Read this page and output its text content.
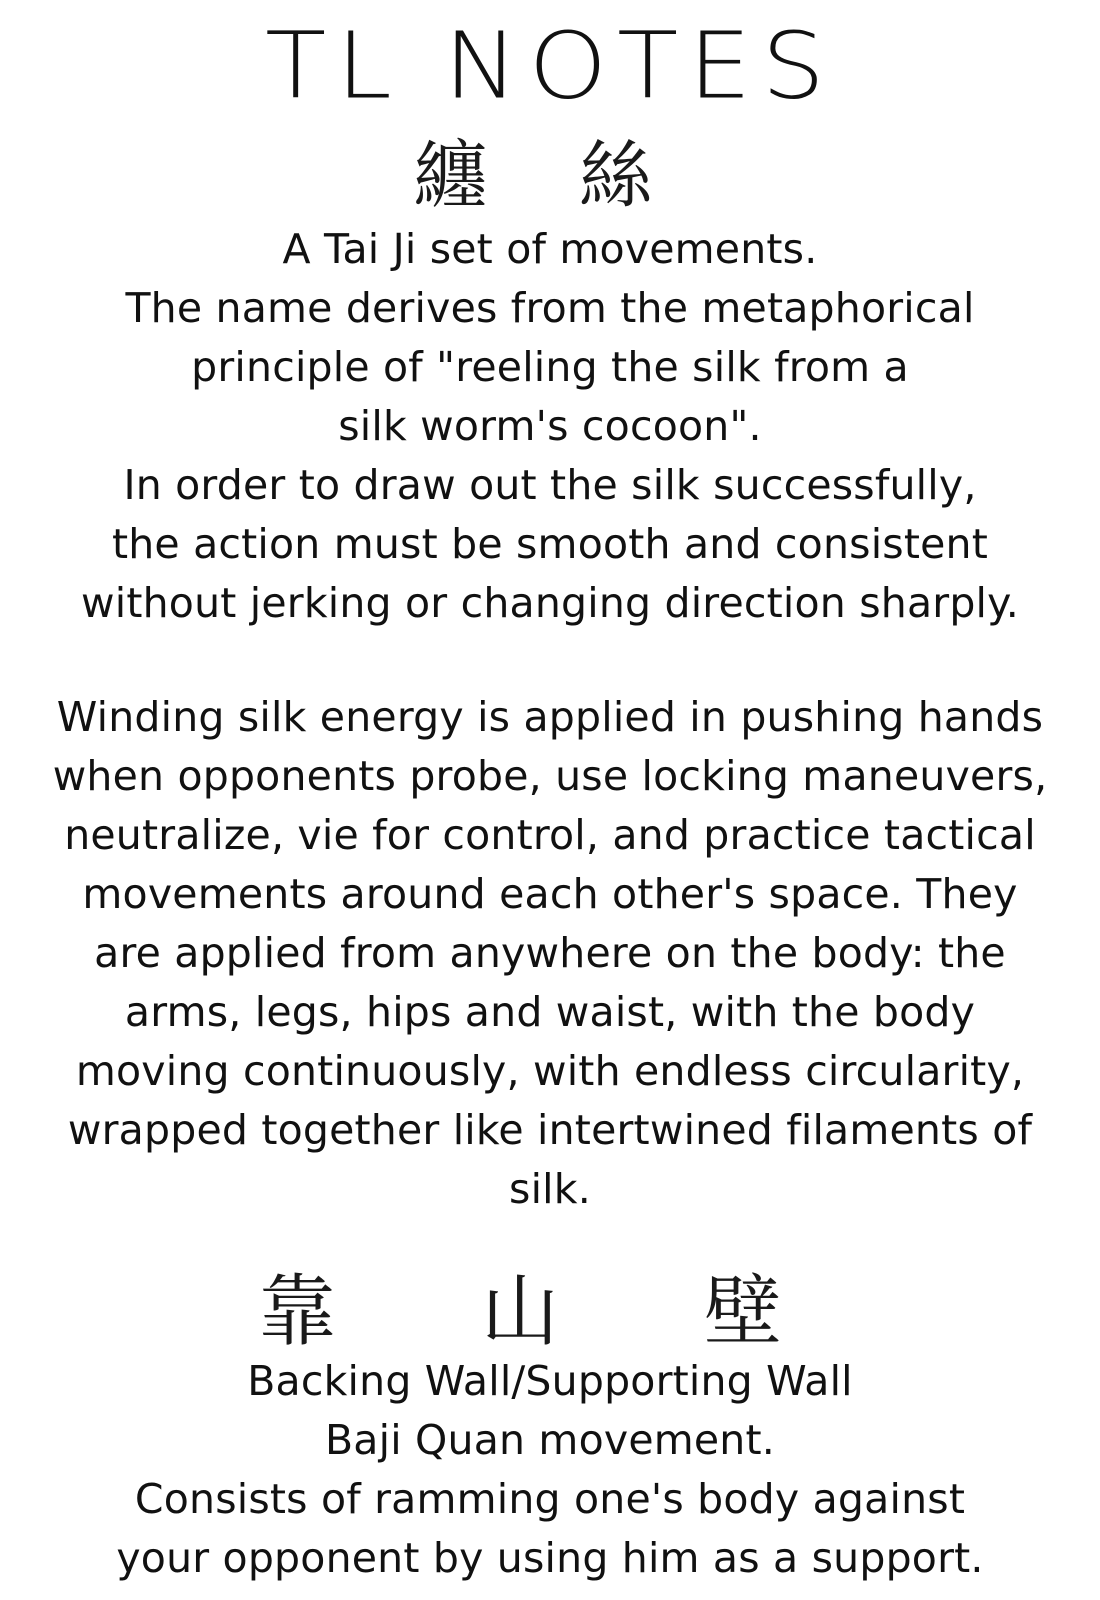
TL NOTES
纏 絲
A Tai Ji set of movements.
The name derives from the metaphorical
principle of "reeling the silk from a
silk worm's cocoon".
In order to draw out the silk successfully,
the action must be smooth and consistent
without jerking or changing direction sharply.
Winding silk energy is applied in pushing hands
when opponents probe, use locking maneuvers,
neutralize, vie for control, and practice tactical
movements around each other's space. They
are applied from anywhere on the body: the
arms, legs, hips and waist, with the body
moving continuously, with endless circularity,
wrapped together like intertwined filaments of
silk.
靠 山 壁
Backing Wall/Supporting Wall
Baji Quan movement.
Consists of ramming one's body against
your opponent by using him as a support.
